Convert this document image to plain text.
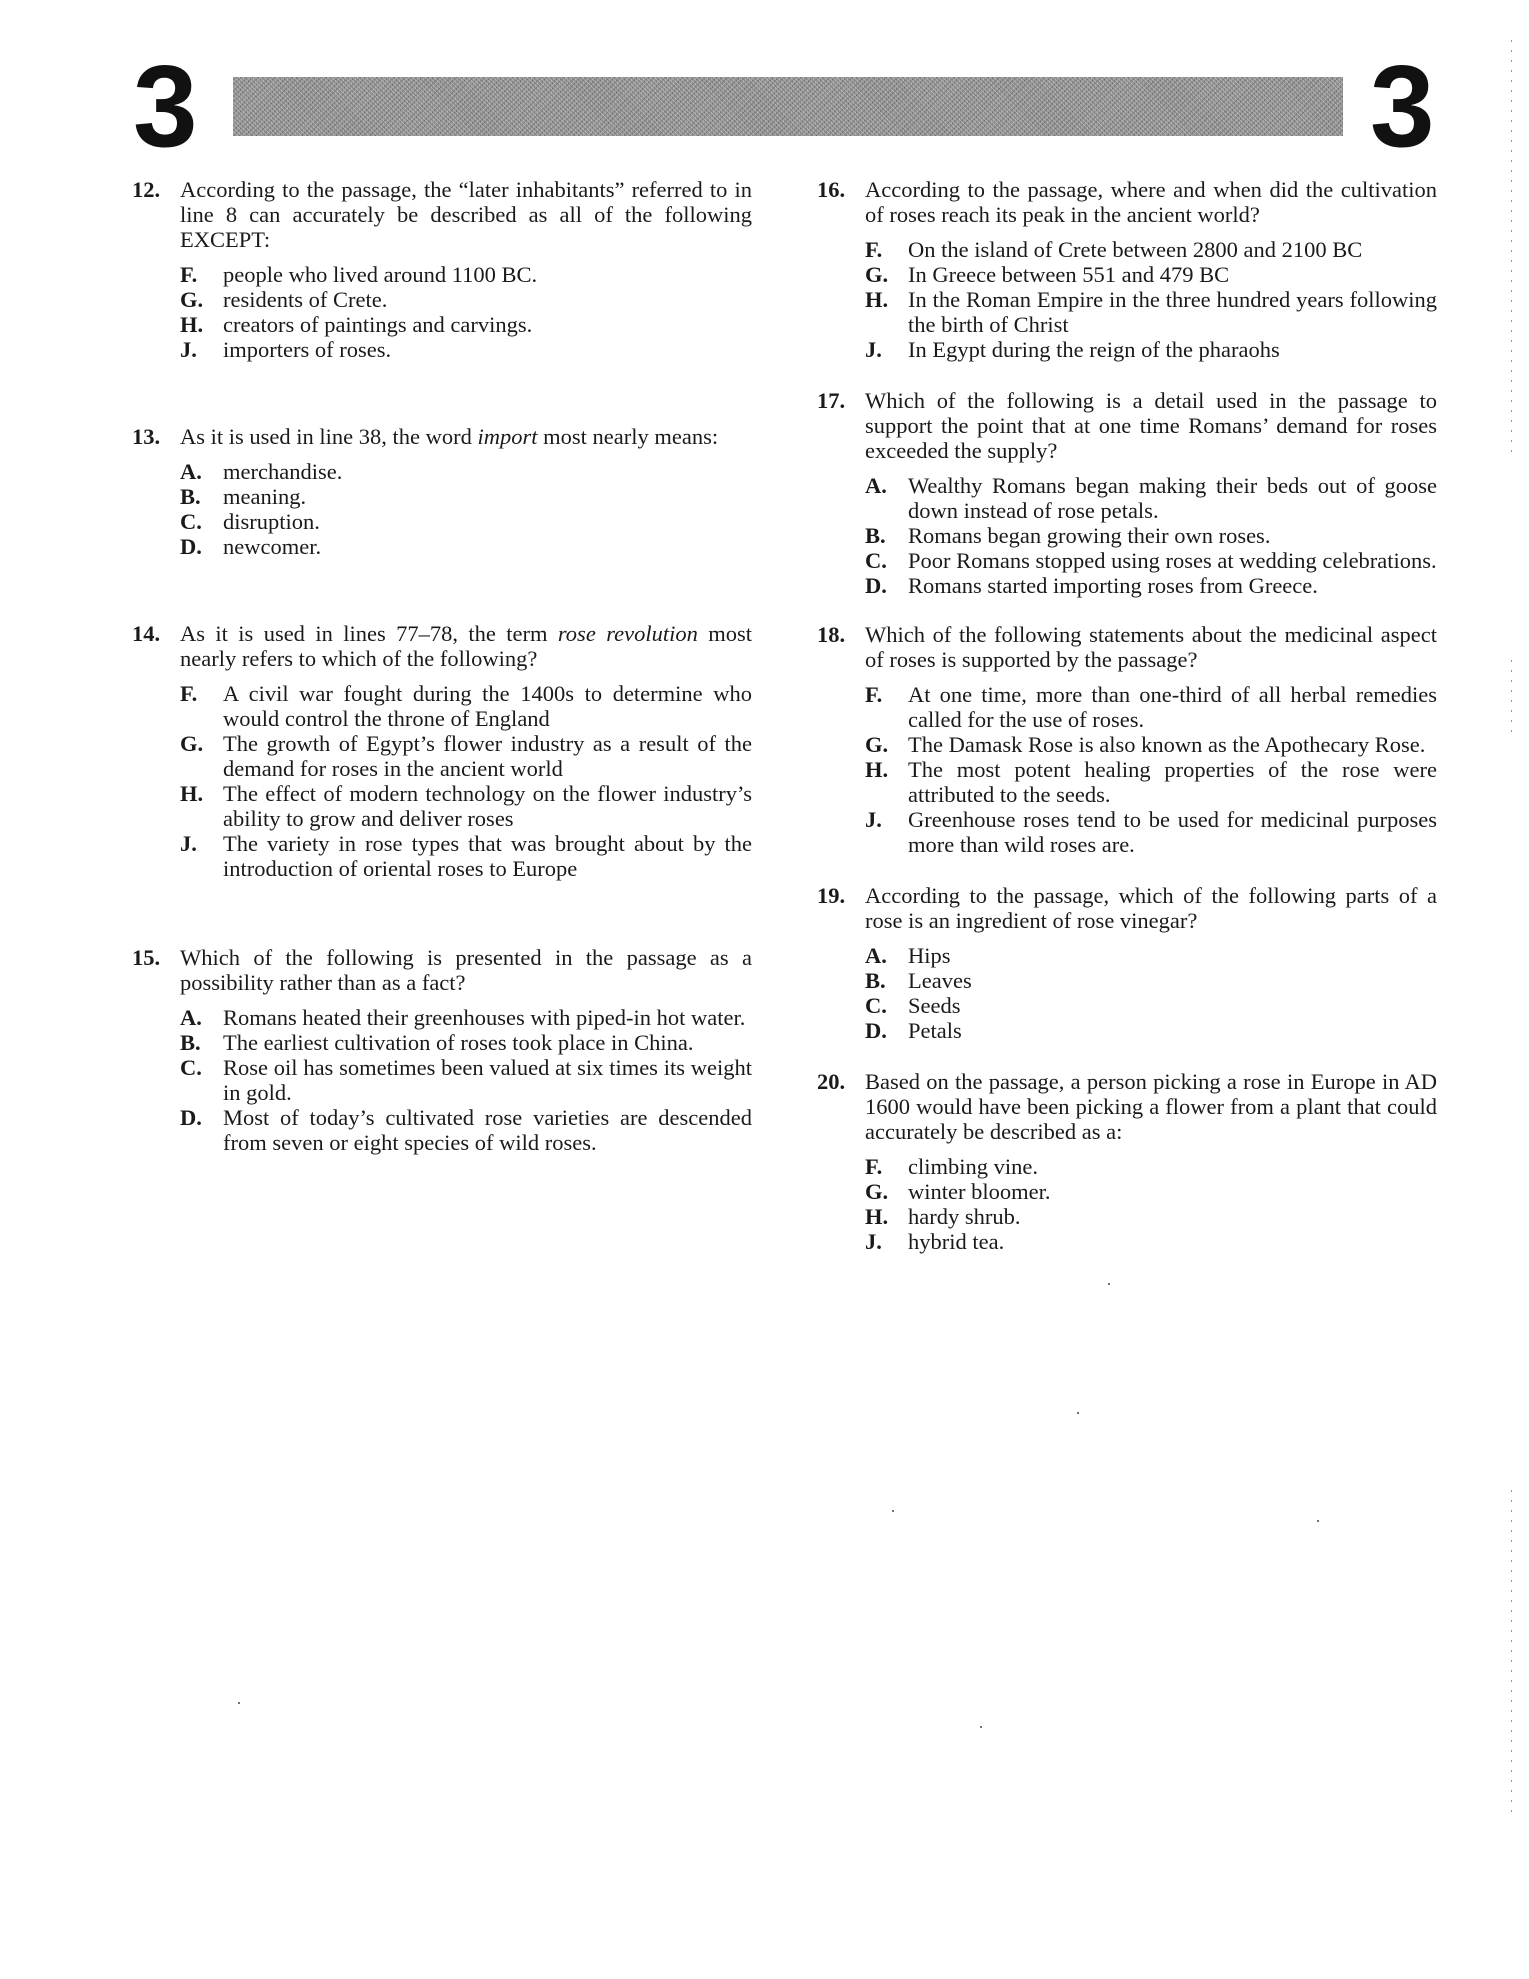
3	3
12. According to the passage, the “later inhabitants” referred to in line 8 can accurately be described as all of the following EXCEPT:

F. people who lived around 1100 BC.
G. residents of Crete.
H. creators of paintings and carvings.
J. importers of roses.
13. As it is used in line 38, the word import most nearly means:

A. merchandise.
B. meaning.
C. disruption.
D. newcomer.
14. As it is used in lines 77–78, the term rose revolution most nearly refers to which of the following?

F. A civil war fought during the 1400s to determine who would control the throne of England
G. The growth of Egypt’s flower industry as a result of the demand for roses in the ancient world
H. The effect of modern technology on the flower industry’s ability to grow and deliver roses
J. The variety in rose types that was brought about by the introduction of oriental roses to Europe
15. Which of the following is presented in the passage as a possibility rather than as a fact?

A. Romans heated their greenhouses with piped-in hot water.
B. The earliest cultivation of roses took place in China.
C. Rose oil has sometimes been valued at six times its weight in gold.
D. Most of today’s cultivated rose varieties are descended from seven or eight species of wild roses.
16. According to the passage, where and when did the cultivation of roses reach its peak in the ancient world?

F. On the island of Crete between 2800 and 2100 BC
G. In Greece between 551 and 479 BC
H. In the Roman Empire in the three hundred years following the birth of Christ
J. In Egypt during the reign of the pharaohs
17. Which of the following is a detail used in the passage to support the point that at one time Romans’ demand for roses exceeded the supply?

A. Wealthy Romans began making their beds out of goose down instead of rose petals.
B. Romans began growing their own roses.
C. Poor Romans stopped using roses at wedding celebrations.
D. Romans started importing roses from Greece.
18. Which of the following statements about the medicinal aspect of roses is supported by the passage?

F. At one time, more than one-third of all herbal remedies called for the use of roses.
G. The Damask Rose is also known as the Apothecary Rose.
H. The most potent healing properties of the rose were attributed to the seeds.
J. Greenhouse roses tend to be used for medicinal purposes more than wild roses are.
19. According to the passage, which of the following parts of a rose is an ingredient of rose vinegar?

A. Hips
B. Leaves
C. Seeds
D. Petals
20. Based on the passage, a person picking a rose in Europe in AD 1600 would have been picking a flower from a plant that could accurately be described as a:

F. climbing vine.
G. winter bloomer.
H. hardy shrub.
J. hybrid tea.
